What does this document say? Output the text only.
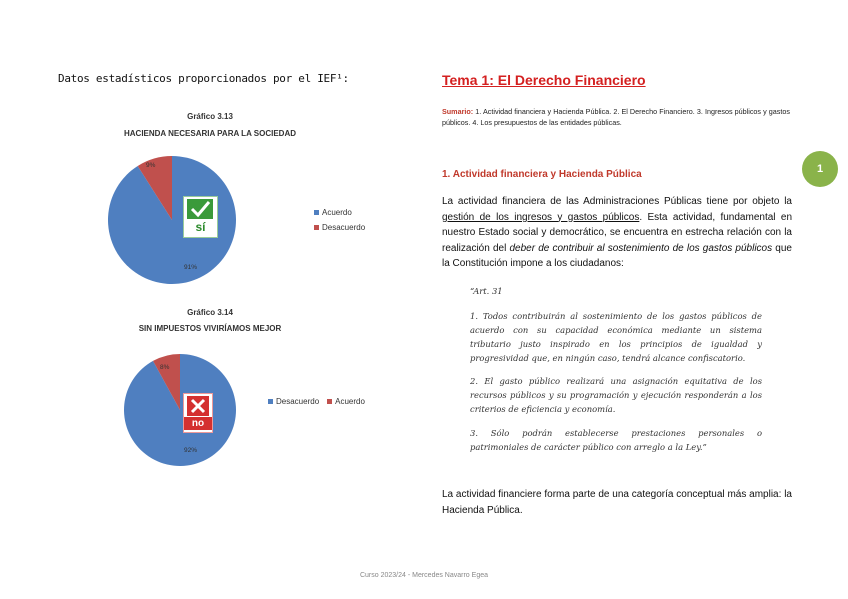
Datos estadísticos proporcionados por el IEF¹:
Gráfico 3.13
HACIENDA NECESARIA PARA LA SOCIEDAD
sí
9%
91%
Acuerdo
Desacuerdo
Gráfico 3.14
SIN IMPUESTOS VIVIRÍAMOS MEJOR
no
8%
92%
Desacuerdo Acuerdo
Tema 1: El Derecho Financiero
Sumario: 1. Actividad financiera y Hacienda Pública. 2. El Derecho Financiero. 3. Ingresos públicos y gastos públicos. 4. Los presupuestos de las entidades públicas.
1
1. Actividad financiera y Hacienda Pública
La actividad financiera de las Administraciones Públicas tiene por objeto la gestión de los ingresos y gastos públicos. Esta actividad, fundamental en nuestro Estado social y democrático, se encuentra en estrecha relación con la realización del deber de contribuir al sostenimiento de los gastos públicos que la Constitución impone a los ciudadanos:
“Art. 31
1. Todos contribuirán al sostenimiento de los gastos públicos de acuerdo con su capacidad económica mediante un sistema tributario justo inspirado en los principios de igualdad y progresividad que, en ningún caso, tendrá alcance confiscatorio.
2. El gasto público realizará una asignación equitativa de los recursos públicos y su programación y ejecución responderán a los criterios de eficiencia y economía.
3. Sólo podrán establecerse prestaciones personales o patrimoniales de carácter público con arreglo a la Ley.”
La actividad financiere forma parte de una categoría conceptual más amplia: la Hacienda Pública.
Curso 2023/24 - Mercedes Navarro Egea
